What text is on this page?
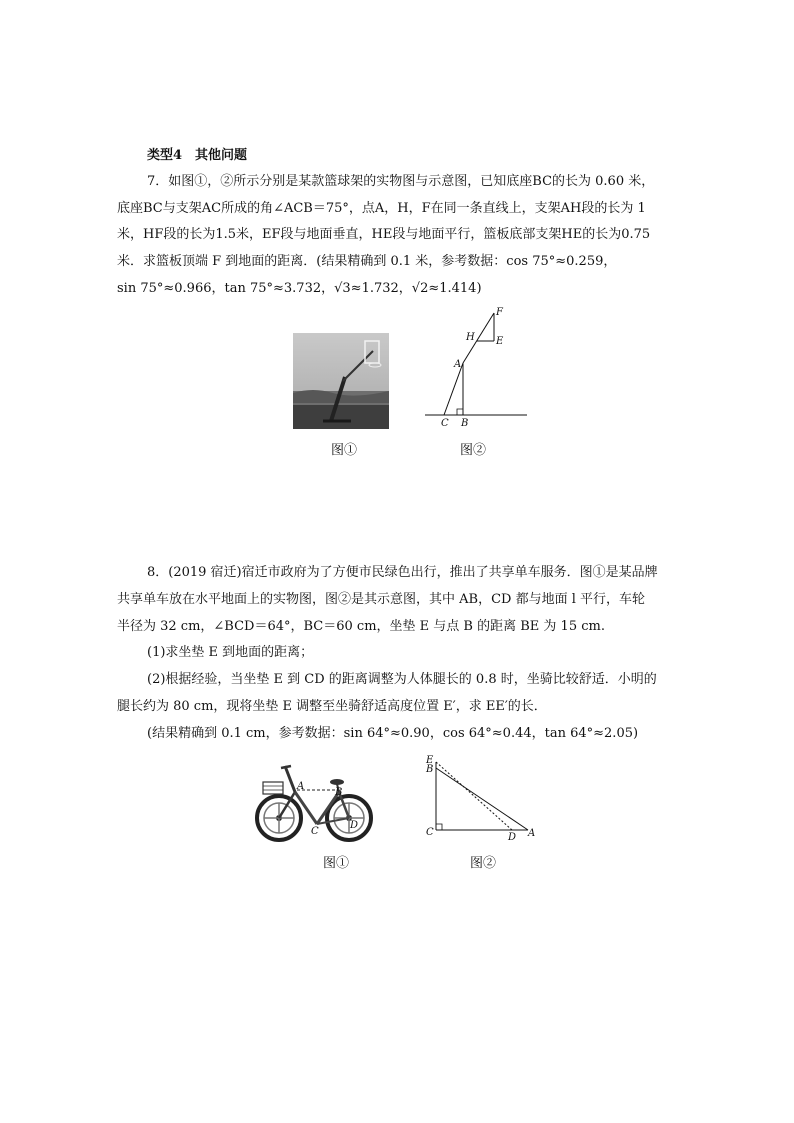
类型4　其他问题
7．如图①，②所示分别是某款篮球架的实物图与示意图，已知底座BC的长为 0.60 米，
底座BC与支架AC所成的角∠ACB＝75°，点A，H，F在同一条直线上，支架AH段的长为 1
米，HF段的长为1.5米，EF段与地面垂直，HE段与地面平行，篮板底部支架HE的长为0.75
米．求篮板顶端 F 到地面的距离．(结果精确到 0.1 米，参考数据：cos 75°≈0.259，
sin 75°≈0.966，tan 75°≈3.732，√3≈1.732，√2≈1.414)
图①
F
H E
A
C B
图②
8．(2019 宿迁)宿迁市政府为了方便市民绿色出行，推出了共享单车服务．图①是某品牌
共享单车放在水平地面上的实物图，图②是其示意图，其中 AB，CD 都与地面 l 平行，车轮
半径为 32 cm，∠BCD＝64°，BC＝60 cm，坐垫 E 与点 B 的距离 BE 为 15 cm.
(1)求坐垫 E 到地面的距离；
(2)根据经验，当坐垫 E 到 CD 的距离调整为人体腿长的 0.8 时，坐骑比较舒适．小明的
腿长约为 80 cm，现将坐垫 E 调整至坐骑舒适高度位置 E′，求 EE′的长．
(结果精确到 0.1 cm，参考数据：sin 64°≈0.90，cos 64°≈0.44，tan 64°≈2.05)
A
B
C
D
图①
E
B
C	D A
图②
